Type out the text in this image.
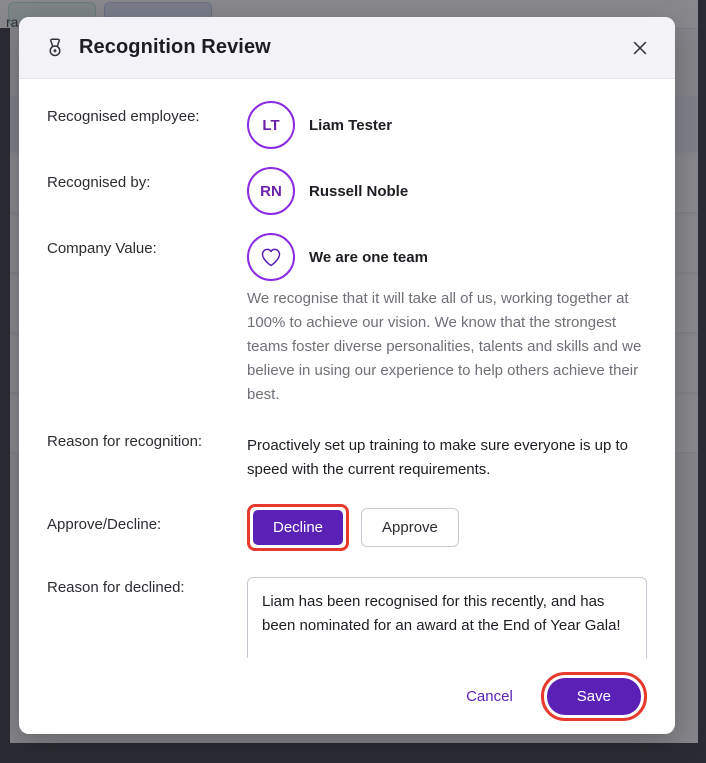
Recognition Review
Recognised employee:	LT	Liam Tester
Recognised by:	RN	Russell Noble
Company Value:	We are one team
We recognise that it will take all of us, working together at 100% to achieve our vision. We know that the strongest teams foster diverse personalities, talents and skills and we believe in using our experience to help others achieve their best.
Reason for recognition:	Proactively set up training to make sure everyone is up to speed with the current requirements.
Approve/Decline:	Decline	Approve
Reason for declined:
Liam has been recognised for this recently, and has been nominated for an award at the End of Year Gala!
Cancel	Save
